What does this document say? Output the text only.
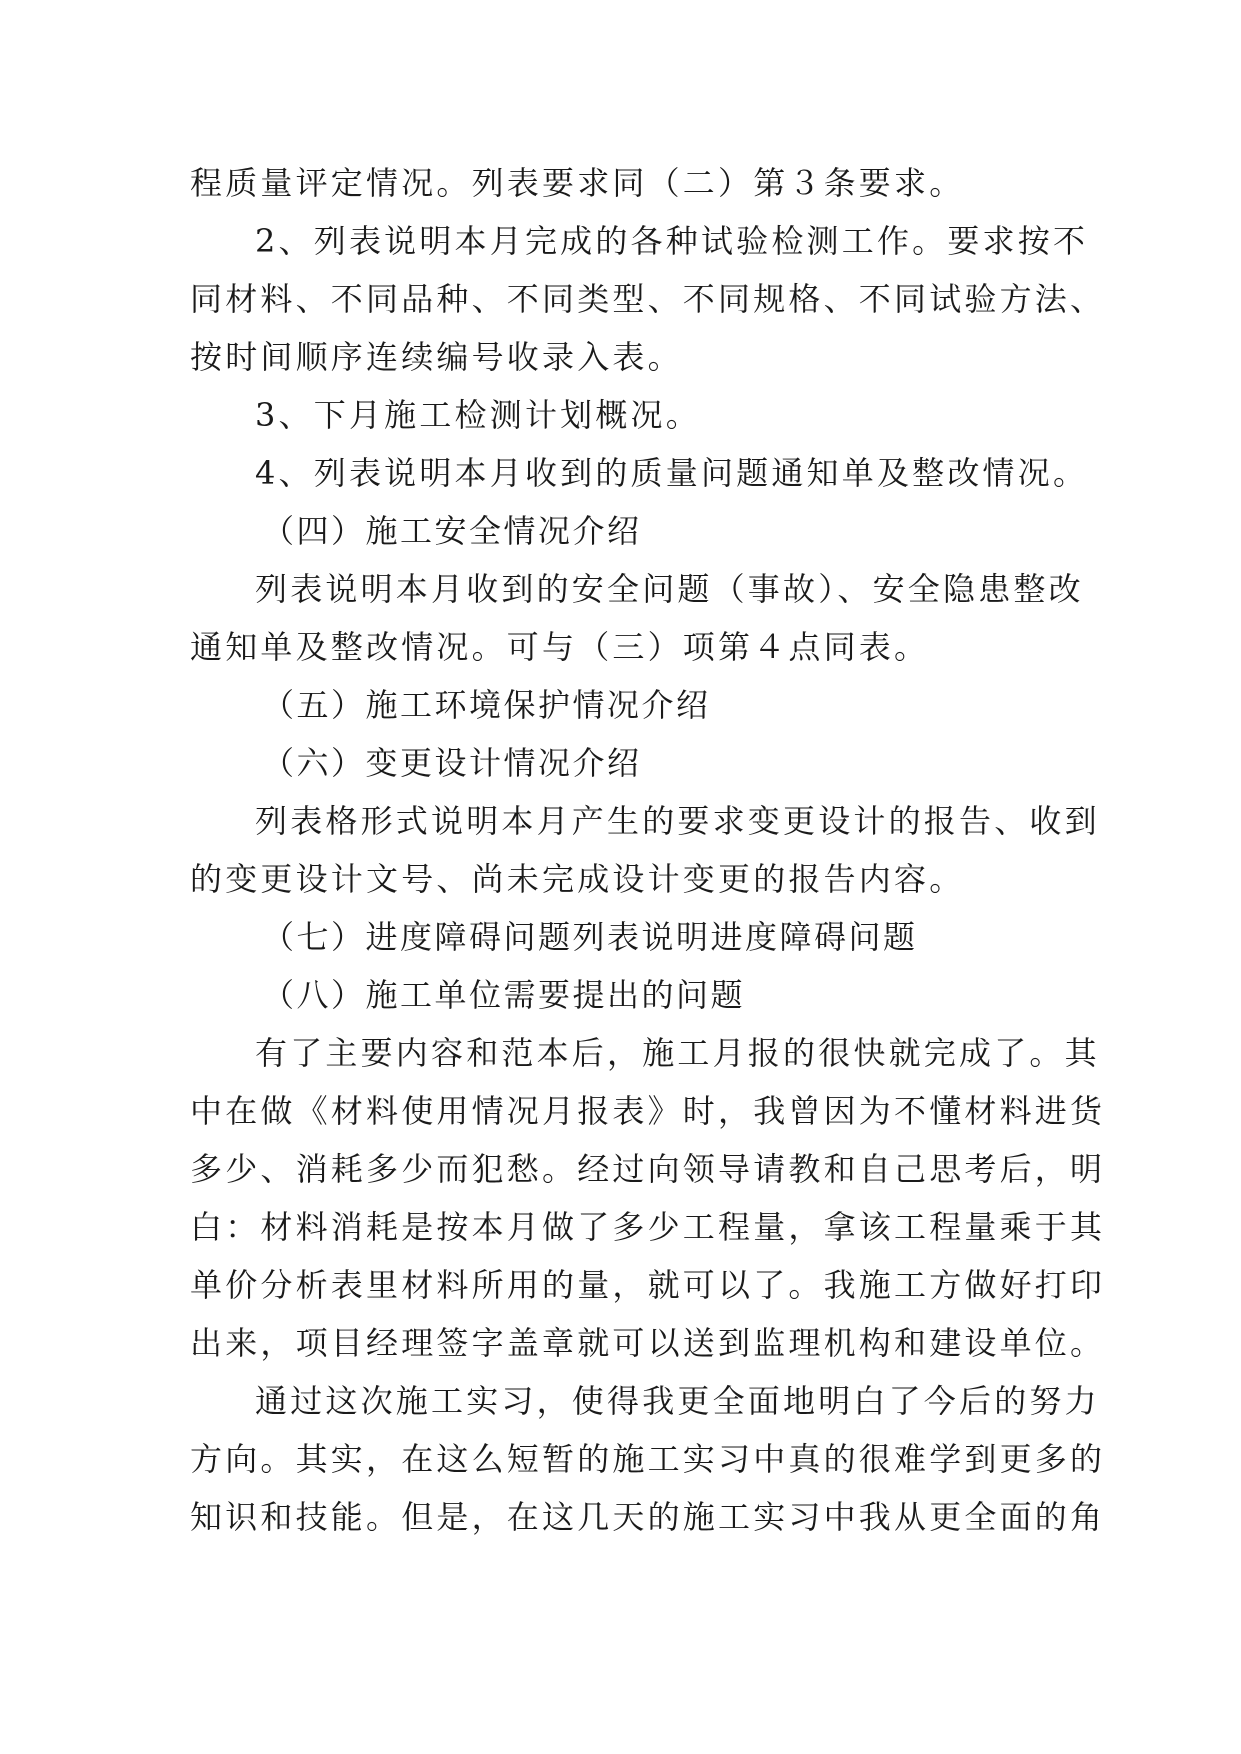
程质量评定情况。列表要求同（二）第３条要求。
2、列表说明本月完成的各种试验检测工作。要求按不
同材料、不同品种、不同类型、不同规格、不同试验方法、
按时间顺序连续编号收录入表。
3、下月施工检测计划概况。
4、列表说明本月收到的质量问题通知单及整改情况。
（四）施工安全情况介绍
列表说明本月收到的安全问题（事故）、安全隐患整改
通知单及整改情况。可与（三）项第４点同表。
（五）施工环境保护情况介绍
（六）变更设计情况介绍
列表格形式说明本月产生的要求变更设计的报告、收到
的变更设计文号、尚未完成设计变更的报告内容。
（七）进度障碍问题列表说明进度障碍问题
（八）施工单位需要提出的问题
有了主要内容和范本后，施工月报的很快就完成了。其
中在做《材料使用情况月报表》时，我曾因为不懂材料进货
多少、消耗多少而犯愁。经过向领导请教和自己思考后，明
白：材料消耗是按本月做了多少工程量，拿该工程量乘于其
单价分析表里材料所用的量，就可以了。我施工方做好打印
出来，项目经理签字盖章就可以送到监理机构和建设单位。
通过这次施工实习，使得我更全面地明白了今后的努力
方向。其实，在这么短暂的施工实习中真的很难学到更多的
知识和技能。但是，在这几天的施工实习中我从更全面的角
